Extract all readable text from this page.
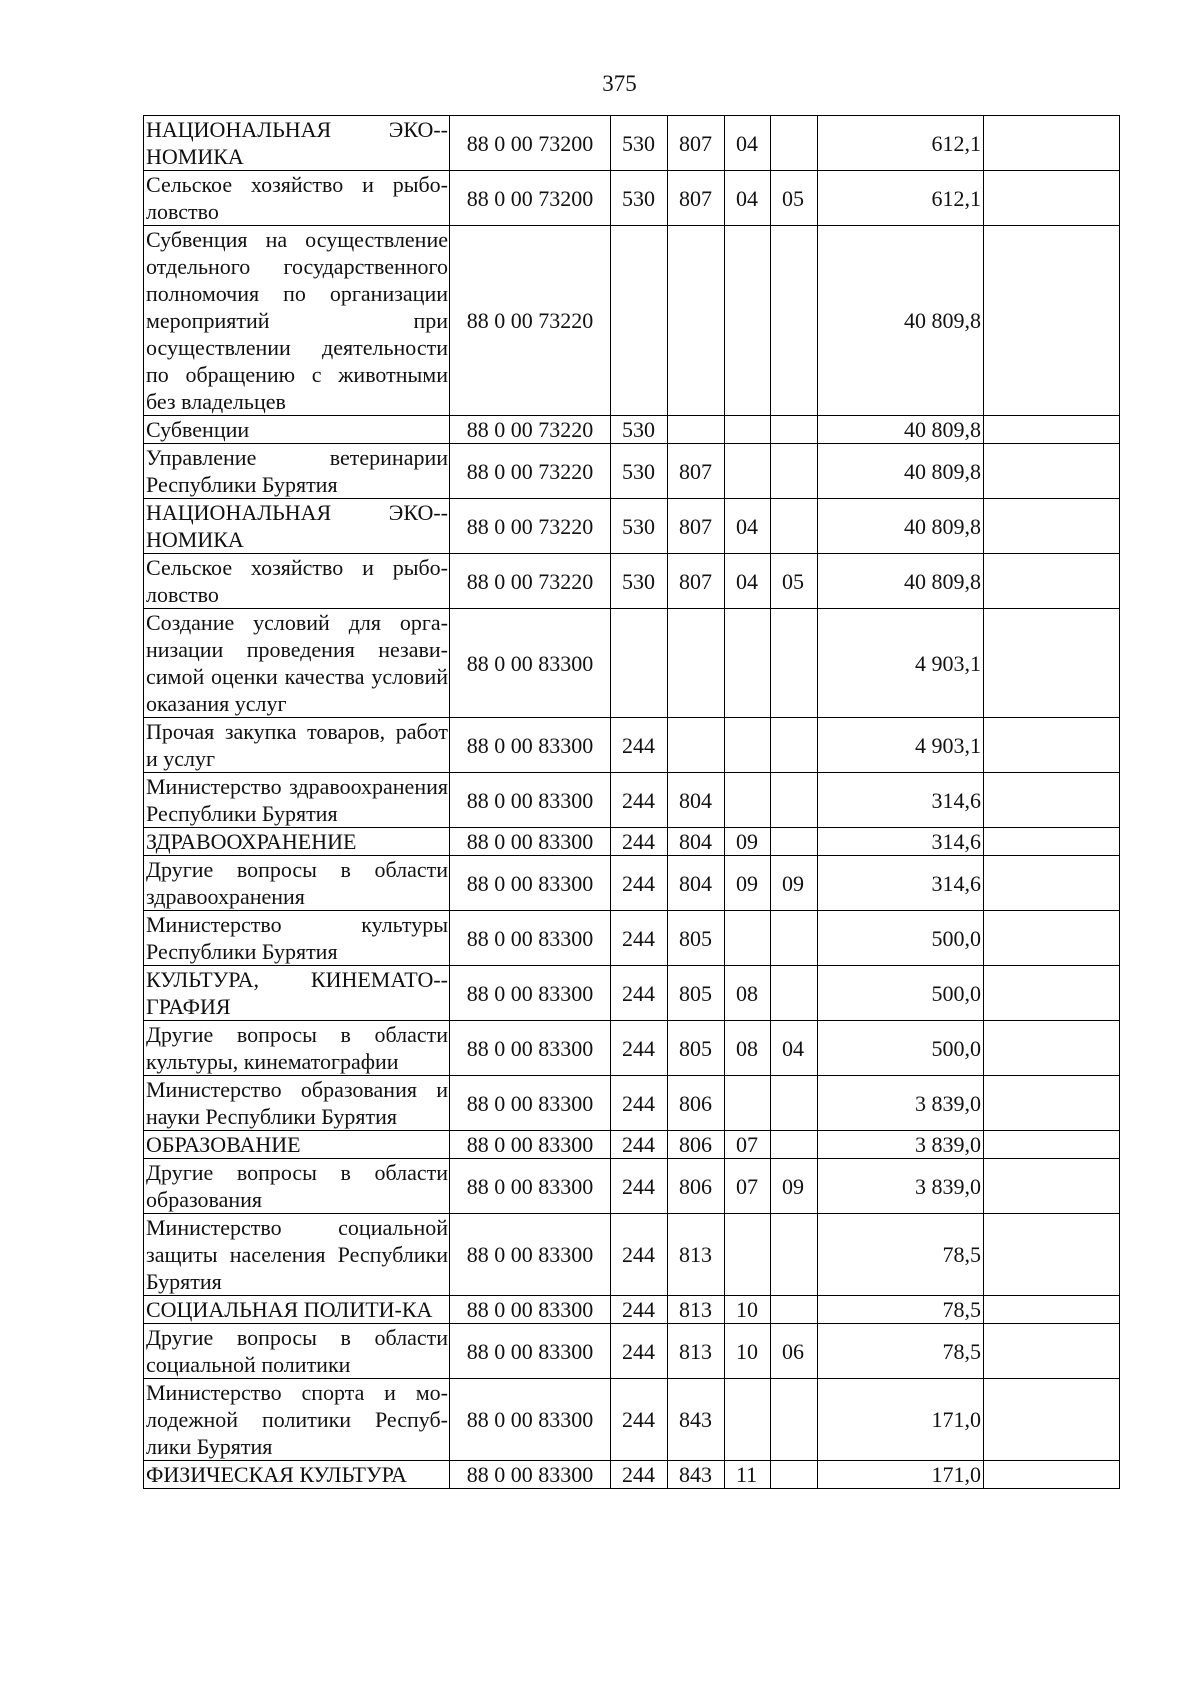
375
НАЦИОНАЛЬНАЯ ЭКО-НОМИКА	88 0 00 73200	530	807	04		612,1	
Сельское хозяйство и рыболовство	88 0 00 73200	530	807	04	05	612,1	
Субвенция на осуществление отдельного государственного полномочия по организации мероприятий при осуществлении деятельности по обращению с животными без владельцев	88 0 00 73220					40 809,8	
Субвенции	88 0 00 73220	530				40 809,8	
Управление ветеринарии Республики Бурятия	88 0 00 73220	530	807			40 809,8	
НАЦИОНАЛЬНАЯ ЭКО-НОМИКА	88 0 00 73220	530	807	04		40 809,8	
Сельское хозяйство и рыболовство	88 0 00 73220	530	807	04	05	40 809,8	
Создание условий для организации проведения независимой оценки качества условий оказания услуг	88 0 00 83300					4 903,1	
Прочая закупка товаров, работ и услуг	88 0 00 83300	244				4 903,1	
Министерство здравоохранения Республики Бурятия	88 0 00 83300	244	804			314,6	
ЗДРАВООХРАНЕНИЕ	88 0 00 83300	244	804	09		314,6	
Другие вопросы в области здравоохранения	88 0 00 83300	244	804	09	09	314,6	
Министерство культуры Республики Бурятия	88 0 00 83300	244	805			500,0	
КУЛЬТУРА, КИНЕМАТО-ГРАФИЯ	88 0 00 83300	244	805	08		500,0	
Другие вопросы в области культуры, кинематографии	88 0 00 83300	244	805	08	04	500,0	
Министерство образования и науки Республики Бурятия	88 0 00 83300	244	806			3 839,0	
ОБРАЗОВАНИЕ	88 0 00 83300	244	806	07		3 839,0	
Другие вопросы в области образования	88 0 00 83300	244	806	07	09	3 839,0	
Министерство социальной защиты населения Республики Бурятия	88 0 00 83300	244	813			78,5	
СОЦИАЛЬНАЯ ПОЛИТИ-КА	88 0 00 83300	244	813	10		78,5	
Другие вопросы в области социальной политики	88 0 00 83300	244	813	10	06	78,5	
Министерство спорта и молодежной политики Республики Бурятия	88 0 00 83300	244	843			171,0	
ФИЗИЧЕСКАЯ КУЛЬТУРА	88 0 00 83300	244	843	11		171,0	
